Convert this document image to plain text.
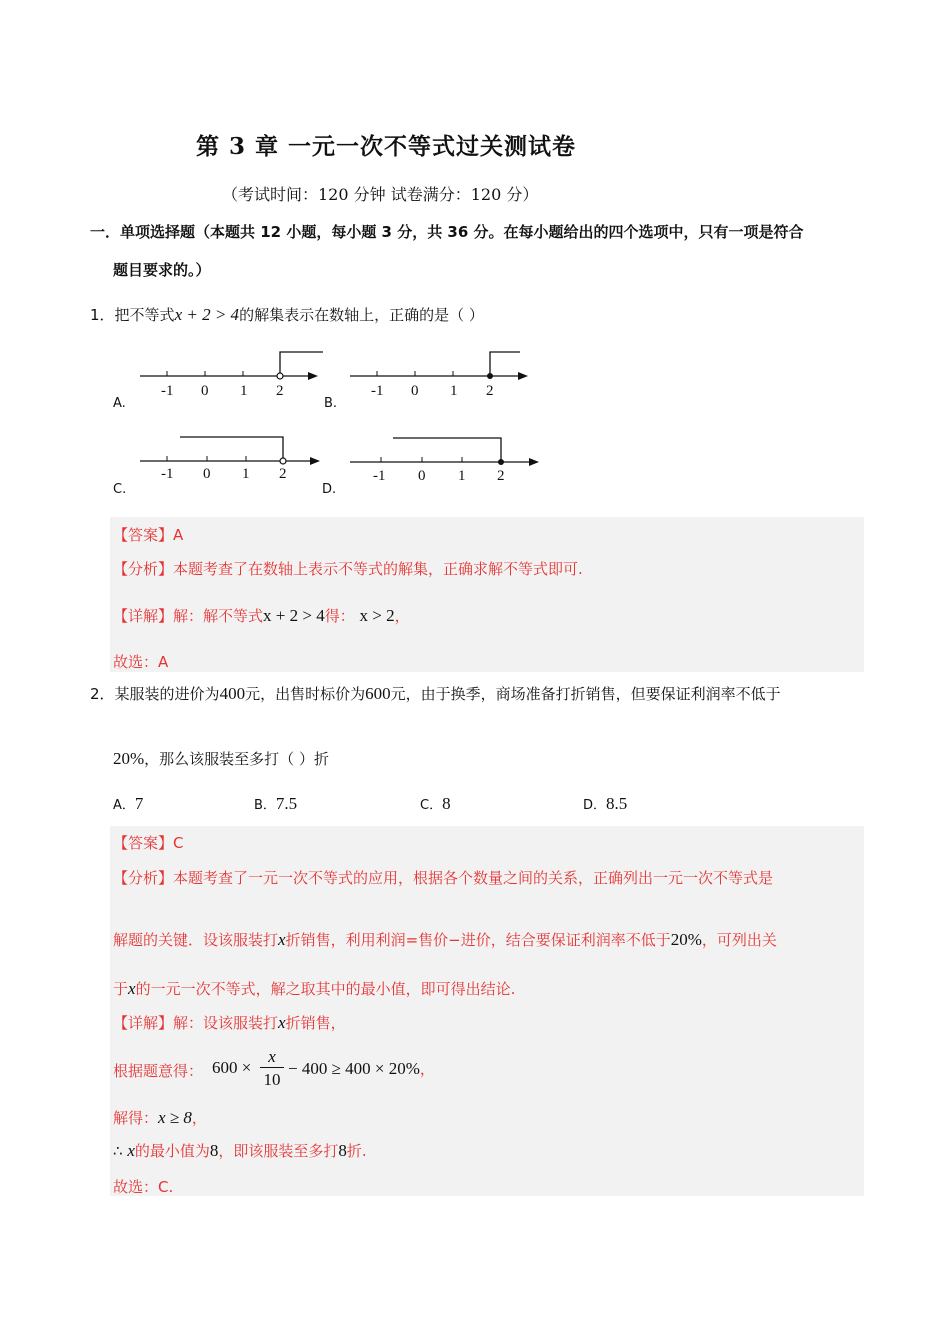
第 3 章 一元一次不等式过关测试卷
（考试时间：120 分钟 试卷满分：120 分）
一．单项选择题（本题共 12 小题，每小题 3 分，共 36 分。在每小题给出的四个选项中，只有一项是符合
题目要求的。）
1．把不等式x + 2 > 4的解集表示在数轴上，正确的是（ ）
A.
-1 0 1 2
B.
-1 0 1 2
C.
-1 0 1 2
D.
-1 0 1 2
【答案】A
【分析】本题考查了在数轴上表示不等式的解集，正确求解不等式即可.
【详解】解：解不等式x + 2 > 4得： x > 2，
故选：A
2．某服装的进价为400元，出售时标价为600元，由于换季，商场准备打折销售，但要保证利润率不低于
20%，那么该服装至多打（ ）折
A．7	B．7.5	C．8	D．8.5
【答案】C
【分析】本题考查了一元一次不等式的应用，根据各个数量之间的关系，正确列出一元一次不等式是
解题的关键．设该服装打x折销售，利用利润=售价−进价，结合要保证利润率不低于20%，可列出关
于x的一元一次不等式，解之取其中的最小值，即可得出结论.
【详解】解：设该服装打x折销售，
根据题意得： 600 ×
x
10
− 400 ≥ 400 × 20%，
解得：x ≥ 8，
∴ x的最小值为8，即该服装至多打8折.
故选：C.
